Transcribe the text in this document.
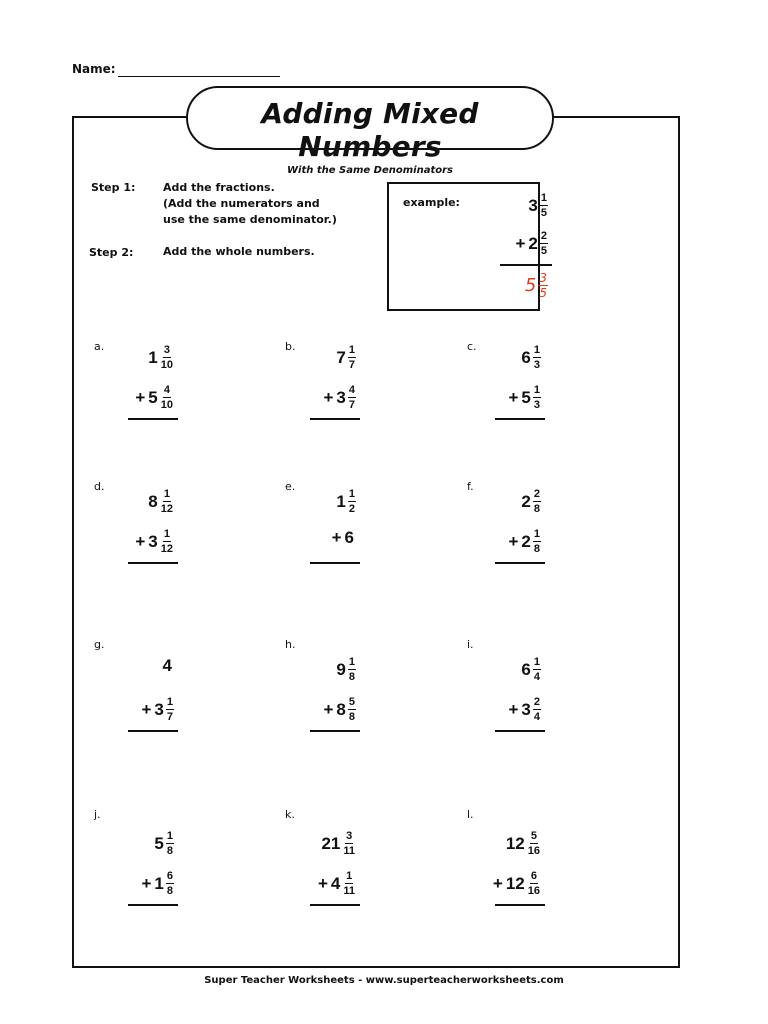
Name:
Adding Mixed Numbers
With the Same Denominators
Step 1:	Add the fractions.
(Add the numerators and
use the same denominator.)
Step 2:	Add the whole numbers.
example:	$3 \frac{1}{5}$
+ $2 \frac{2}{5}$
$5 \frac{3}{5}$
a.
$1 \frac{3}{10}$
+ $5 \frac{4}{10}$
b.
$7 \frac{1}{7}$
+ $3 \frac{4}{7}$
c.
$6 \frac{1}{3}$
+ $5 \frac{1}{3}$
d.
$8 \frac{1}{12}$
+ $3 \frac{1}{12}$
e.
$1 \frac{1}{2}$
+ 6
f.
$2 \frac{2}{8}$
+ $2 \frac{1}{8}$
g.
4
+ $3 \frac{1}{7}$
h.
$9 \frac{1}{8}$
+ $8 \frac{5}{8}$
i.
$6 \frac{1}{4}$
+ $3 \frac{2}{4}$
j.
$5 \frac{1}{8}$
+ $1 \frac{6}{8}$
k.
$21 \frac{3}{11}$
+ $4 \frac{1}{11}$
l.
$12 \frac{5}{16}$
+ $12 \frac{6}{16}$
Super Teacher Worksheets - www.superteacherworksheets.com
